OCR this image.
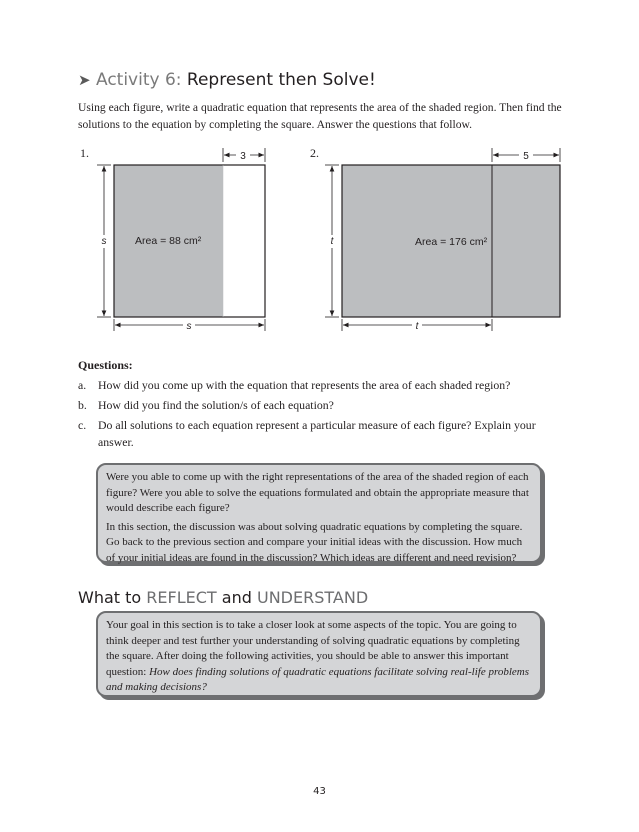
➤ Activity 6: Represent then Solve!
Using each figure, write a quadratic equation that represents the area of the shaded region. Then find the solutions to the equation by completing the square. Answer the questions that follow.
1.	3
s
s
Area = 88 cm²
2.	5
t
t
Area = 176 cm²
Questions:
a.	How did you come up with the equation that represents the area of each shaded region?
b. How did you find the solution/s of each equation?
c.	Do all solutions to each equation represent a particular measure of each figure? Explain your answer.

Were you able to come up with the right representations of the area of the shaded region of each figure? Were you able to solve the equations formulated and obtain the appropriate measure that would describe each figure?

In this section, the discussion was about solving quadratic equations by completing the square. Go back to the previous section and compare your initial ideas with the discussion. How much of your initial ideas are found in the discussion? Which ideas are different and need revision?

What to REFLECT and UNDERSTAND
Your goal in this section is to take a closer look at some aspects of the topic. You are going to think deeper and test further your understanding of solving quadratic equations by completing the square. After doing the following activities, you should be able to answer this important question: How does finding solutions of quadratic equations facilitate solving real-life problems and making decisions?
43
